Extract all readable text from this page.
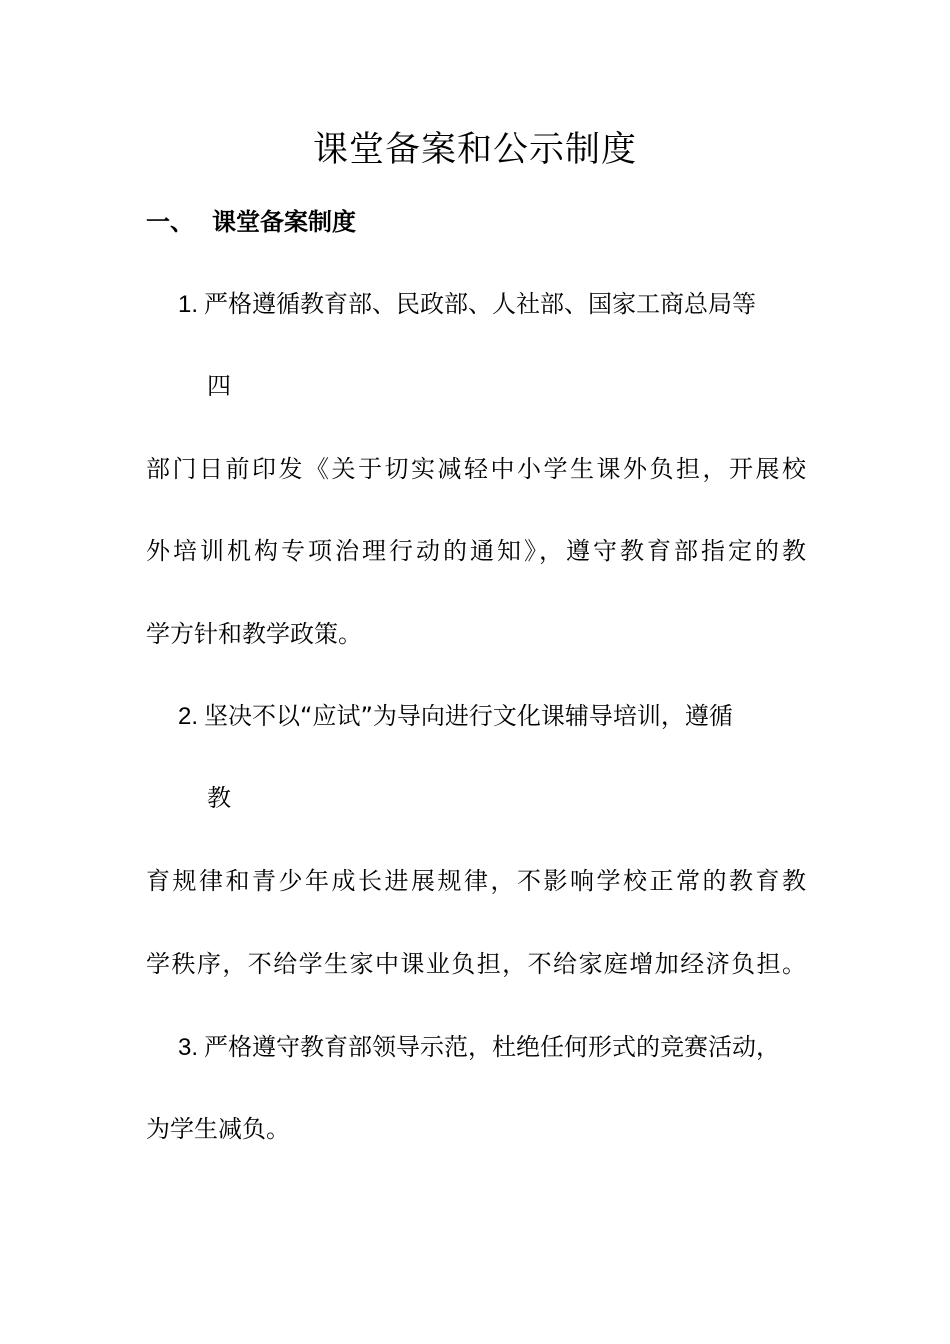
课堂备案和公示制度
一、 课堂备案制度
1. 严格遵循教育部、民政部、人社部、国家工商总局等
四
部门日前印发《关于切实减轻中小学生课外负担，开展校
外培训机构专项治理行动的通知》，遵守教育部指定的教
学方针和教学政策。
2. 坚决不以“应试”为导向进行文化课辅导培训，遵循
教
育规律和青少年成长进展规律，不影响学校正常的教育教
学秩序，不给学生家中课业负担，不给家庭增加经济负担。
3. 严格遵守教育部领导示范，杜绝任何形式的竞赛活动，
为学生减负。
